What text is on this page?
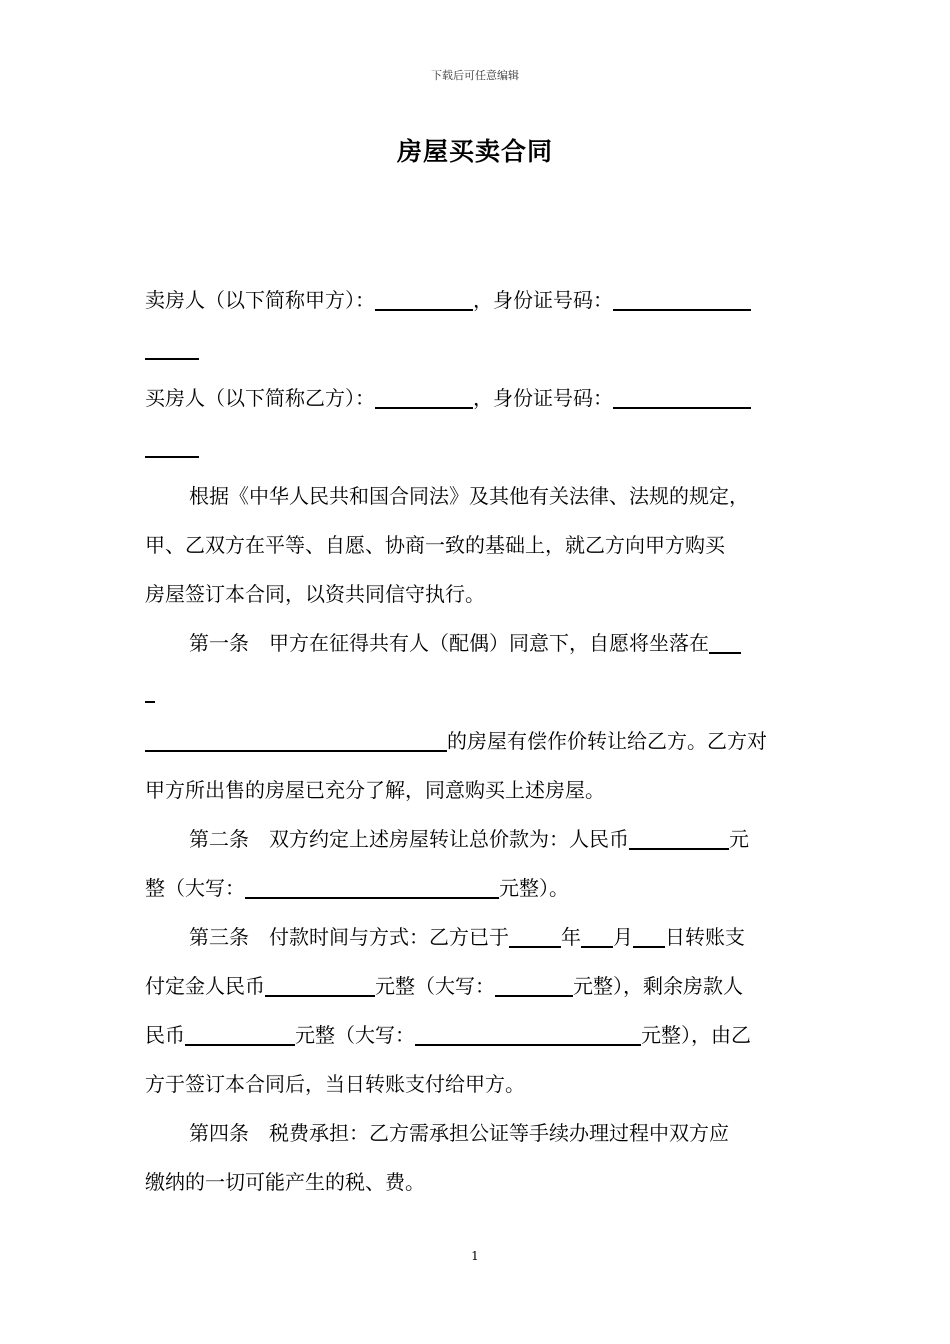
下载后可任意编辑
房屋买卖合同
卖房人（以下简称甲方）：	，身份证号码：
买房人（以下简称乙方）：	，身份证号码：
根据《中华人民共和国合同法》及其他有关法律、法规的规定，
甲、乙双方在平等、自愿、协商一致的基础上，就乙方向甲方购买
房屋签订本合同，以资共同信守执行。
第一条　甲方在征得共有人（配偶）同意下，自愿将坐落在
的房屋有偿作价转让给乙方。乙方对
甲方所出售的房屋已充分了解，同意购买上述房屋。
第二条　双方约定上述房屋转让总价款为：人民币	元
整（大写：	元整）。
第三条　付款时间与方式：乙方已于	年 月 日转账支
付定金人民币	元整（大写：	元整），剩余房款人
民币	元整（大写：	元整），由乙
方于签订本合同后，当日转账支付给甲方。
第四条　税费承担：乙方需承担公证等手续办理过程中双方应
缴纳的一切可能产生的税、费。
1
